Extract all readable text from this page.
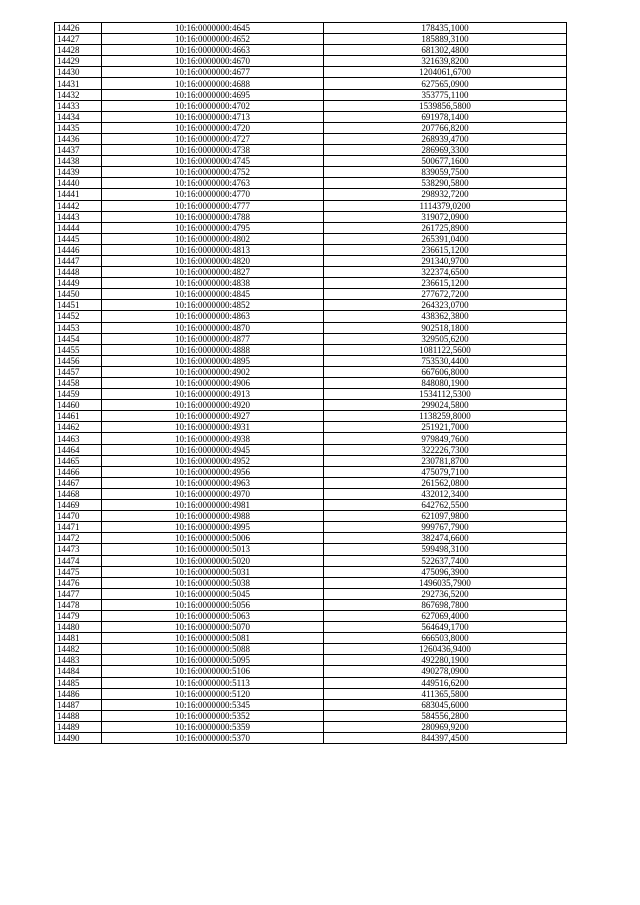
14426	10:16:0000000:4645	178435,1000
14427	10:16:0000000:4652	185889,3100
14428	10:16:0000000:4663	681302,4800
14429	10:16:0000000:4670	321639,8200
14430	10:16:0000000:4677	1204061,6700
14431	10:16:0000000:4688	627565,0900
14432	10:16:0000000:4695	353775,1100
14433	10:16:0000000:4702	1539856,5800
14434	10:16:0000000:4713	691978,1400
14435	10:16:0000000:4720	207766,8200
14436	10:16:0000000:4727	268939,4700
14437	10:16:0000000:4738	286969,3300
14438	10:16:0000000:4745	500677,1600
14439	10:16:0000000:4752	839059,7500
14440	10:16:0000000:4763	538290,5800
14441	10:16:0000000:4770	298932,7200
14442	10:16:0000000:4777	1114379,0200
14443	10:16:0000000:4788	319072,0900
14444	10:16:0000000:4795	261725,8900
14445	10:16:0000000:4802	265391,0400
14446	10:16:0000000:4813	236615,1200
14447	10:16:0000000:4820	291340,9700
14448	10:16:0000000:4827	322374,6500
14449	10:16:0000000:4838	236615,1200
14450	10:16:0000000:4845	277672,7200
14451	10:16:0000000:4852	264323,0700
14452	10:16:0000000:4863	438362,3800
14453	10:16:0000000:4870	902518,1800
14454	10:16:0000000:4877	329505,6200
14455	10:16:0000000:4888	1081122,5600
14456	10:16:0000000:4895	753530,4400
14457	10:16:0000000:4902	667606,8000
14458	10:16:0000000:4906	848080,1900
14459	10:16:0000000:4913	1534112,5300
14460	10:16:0000000:4920	299024,5800
14461	10:16:0000000:4927	1138259,8000
14462	10:16:0000000:4931	251921,7000
14463	10:16:0000000:4938	979849,7600
14464	10:16:0000000:4945	322226,7300
14465	10:16:0000000:4952	230781,8700
14466	10:16:0000000:4956	475079,7100
14467	10:16:0000000:4963	261562,0800
14468	10:16:0000000:4970	432012,3400
14469	10:16:0000000:4981	642762,5500
14470	10:16:0000000:4988	621097,9800
14471	10:16:0000000:4995	999767,7900
14472	10:16:0000000:5006	382474,6600
14473	10:16:0000000:5013	599498,3100
14474	10:16:0000000:5020	522637,7400
14475	10:16:0000000:5031	475096,3900
14476	10:16:0000000:5038	1496035,7900
14477	10:16:0000000:5045	292736,5200
14478	10:16:0000000:5056	867698,7800
14479	10:16:0000000:5063	627069,4000
14480	10:16:0000000:5070	564649,1700
14481	10:16:0000000:5081	666503,8000
14482	10:16:0000000:5088	1260436,9400
14483	10:16:0000000:5095	492280,1900
14484	10:16:0000000:5106	490278,0900
14485	10:16:0000000:5113	449516,6200
14486	10:16:0000000:5120	411365,5800
14487	10:16:0000000:5345	683045,6000
14488	10:16:0000000:5352	584556,2800
14489	10:16:0000000:5359	280969,9200
14490	10:16:0000000:5370	844397,4500
